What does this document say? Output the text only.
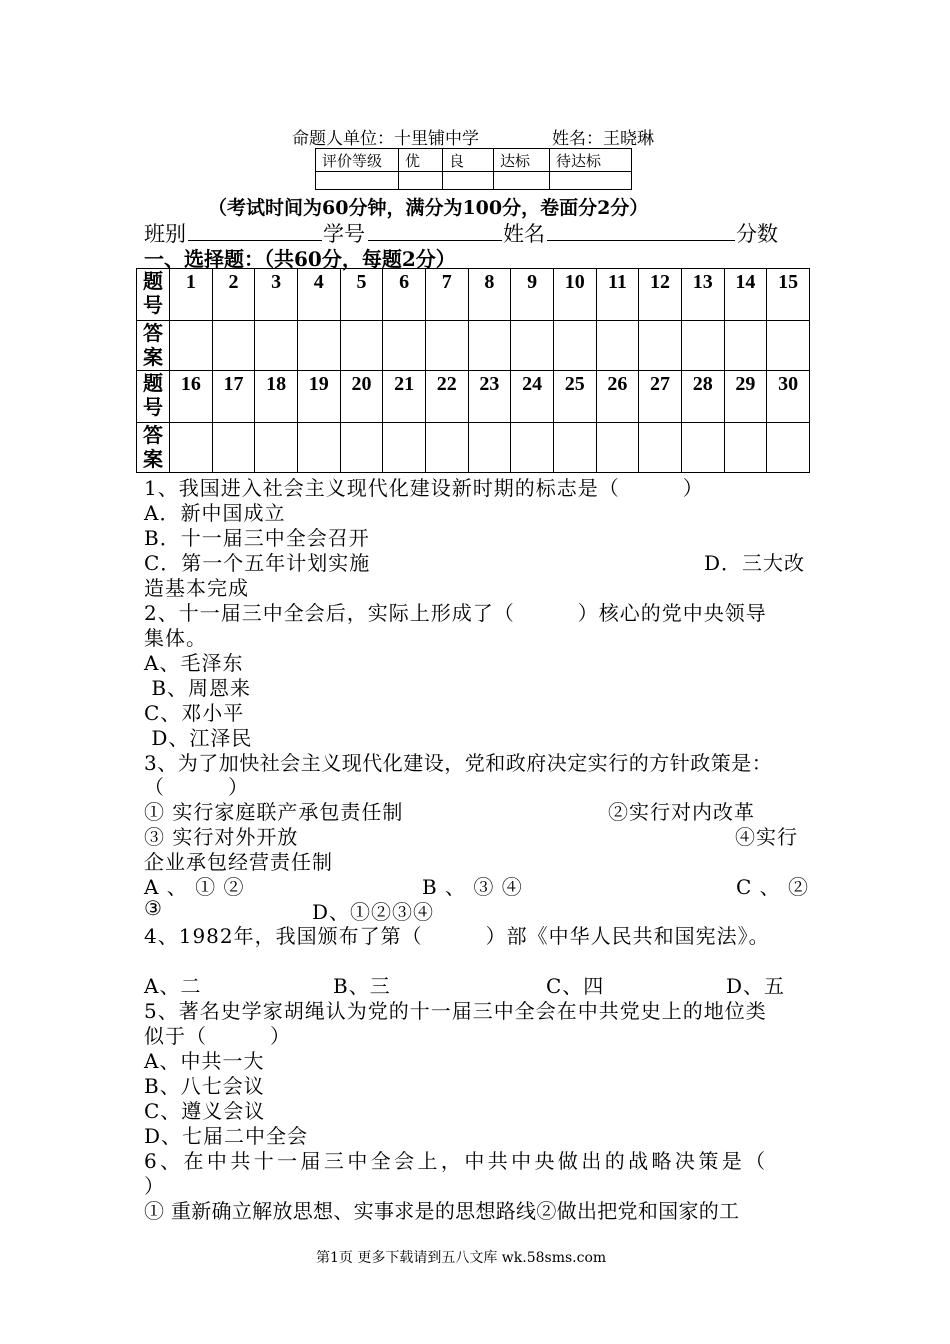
命题人单位：十里铺中学	姓名：王晓琳
评价等级	优	良	达标	待达标

（考试时间为60分钟，满分为100分，卷面分2分）
班别	学号	姓名	分数
一、选择题：（共60分，每题2分）
题
号	1	2	3	4	5	6	7	8	9	10	11	12	13	14	15
答
案															
题
号	16	17	18	19	20	21	22	23	24	25	26	27	28	29	30
答
案															
1、我国进入社会主义现代化建设新时期的标志是（　　　）
A．新中国成立
B．十一届三中全会召开
C．第一个五年计划实施	D．三大改
造基本完成
2、十一届三中全会后，实际上形成了（　　　）核心的党中央领导
集体。
A、毛泽东
B、周恩来
C、邓小平
D、江泽民
3、为了加快社会主义现代化建设，党和政府决定实行的方针政策是：
（　　　）
① 实行家庭联产承包责任制	②实行对内改革
③ 实行对外开放	④实行
企业承包经营责任制
A 、 ① ②	B 、 ③ ④	C 、 ②
③	D、①②③④
4、1982年，我国颁布了第（　　　）部《中华人民共和国宪法》。
A、二	B、三	C、四	D、五
5、著名史学家胡绳认为党的十一届三中全会在中共党史上的地位类
似于（　　　）
A、中共一大
B、八七会议
C、遵义会议
D、七届二中全会
6、在中共十一届三中全会上，中共中央做出的战略决策是（
）
① 重新确立解放思想、实事求是的思想路线②做出把党和国家的工
第1页 更多下载请到五八文库 wk.58sms.com
